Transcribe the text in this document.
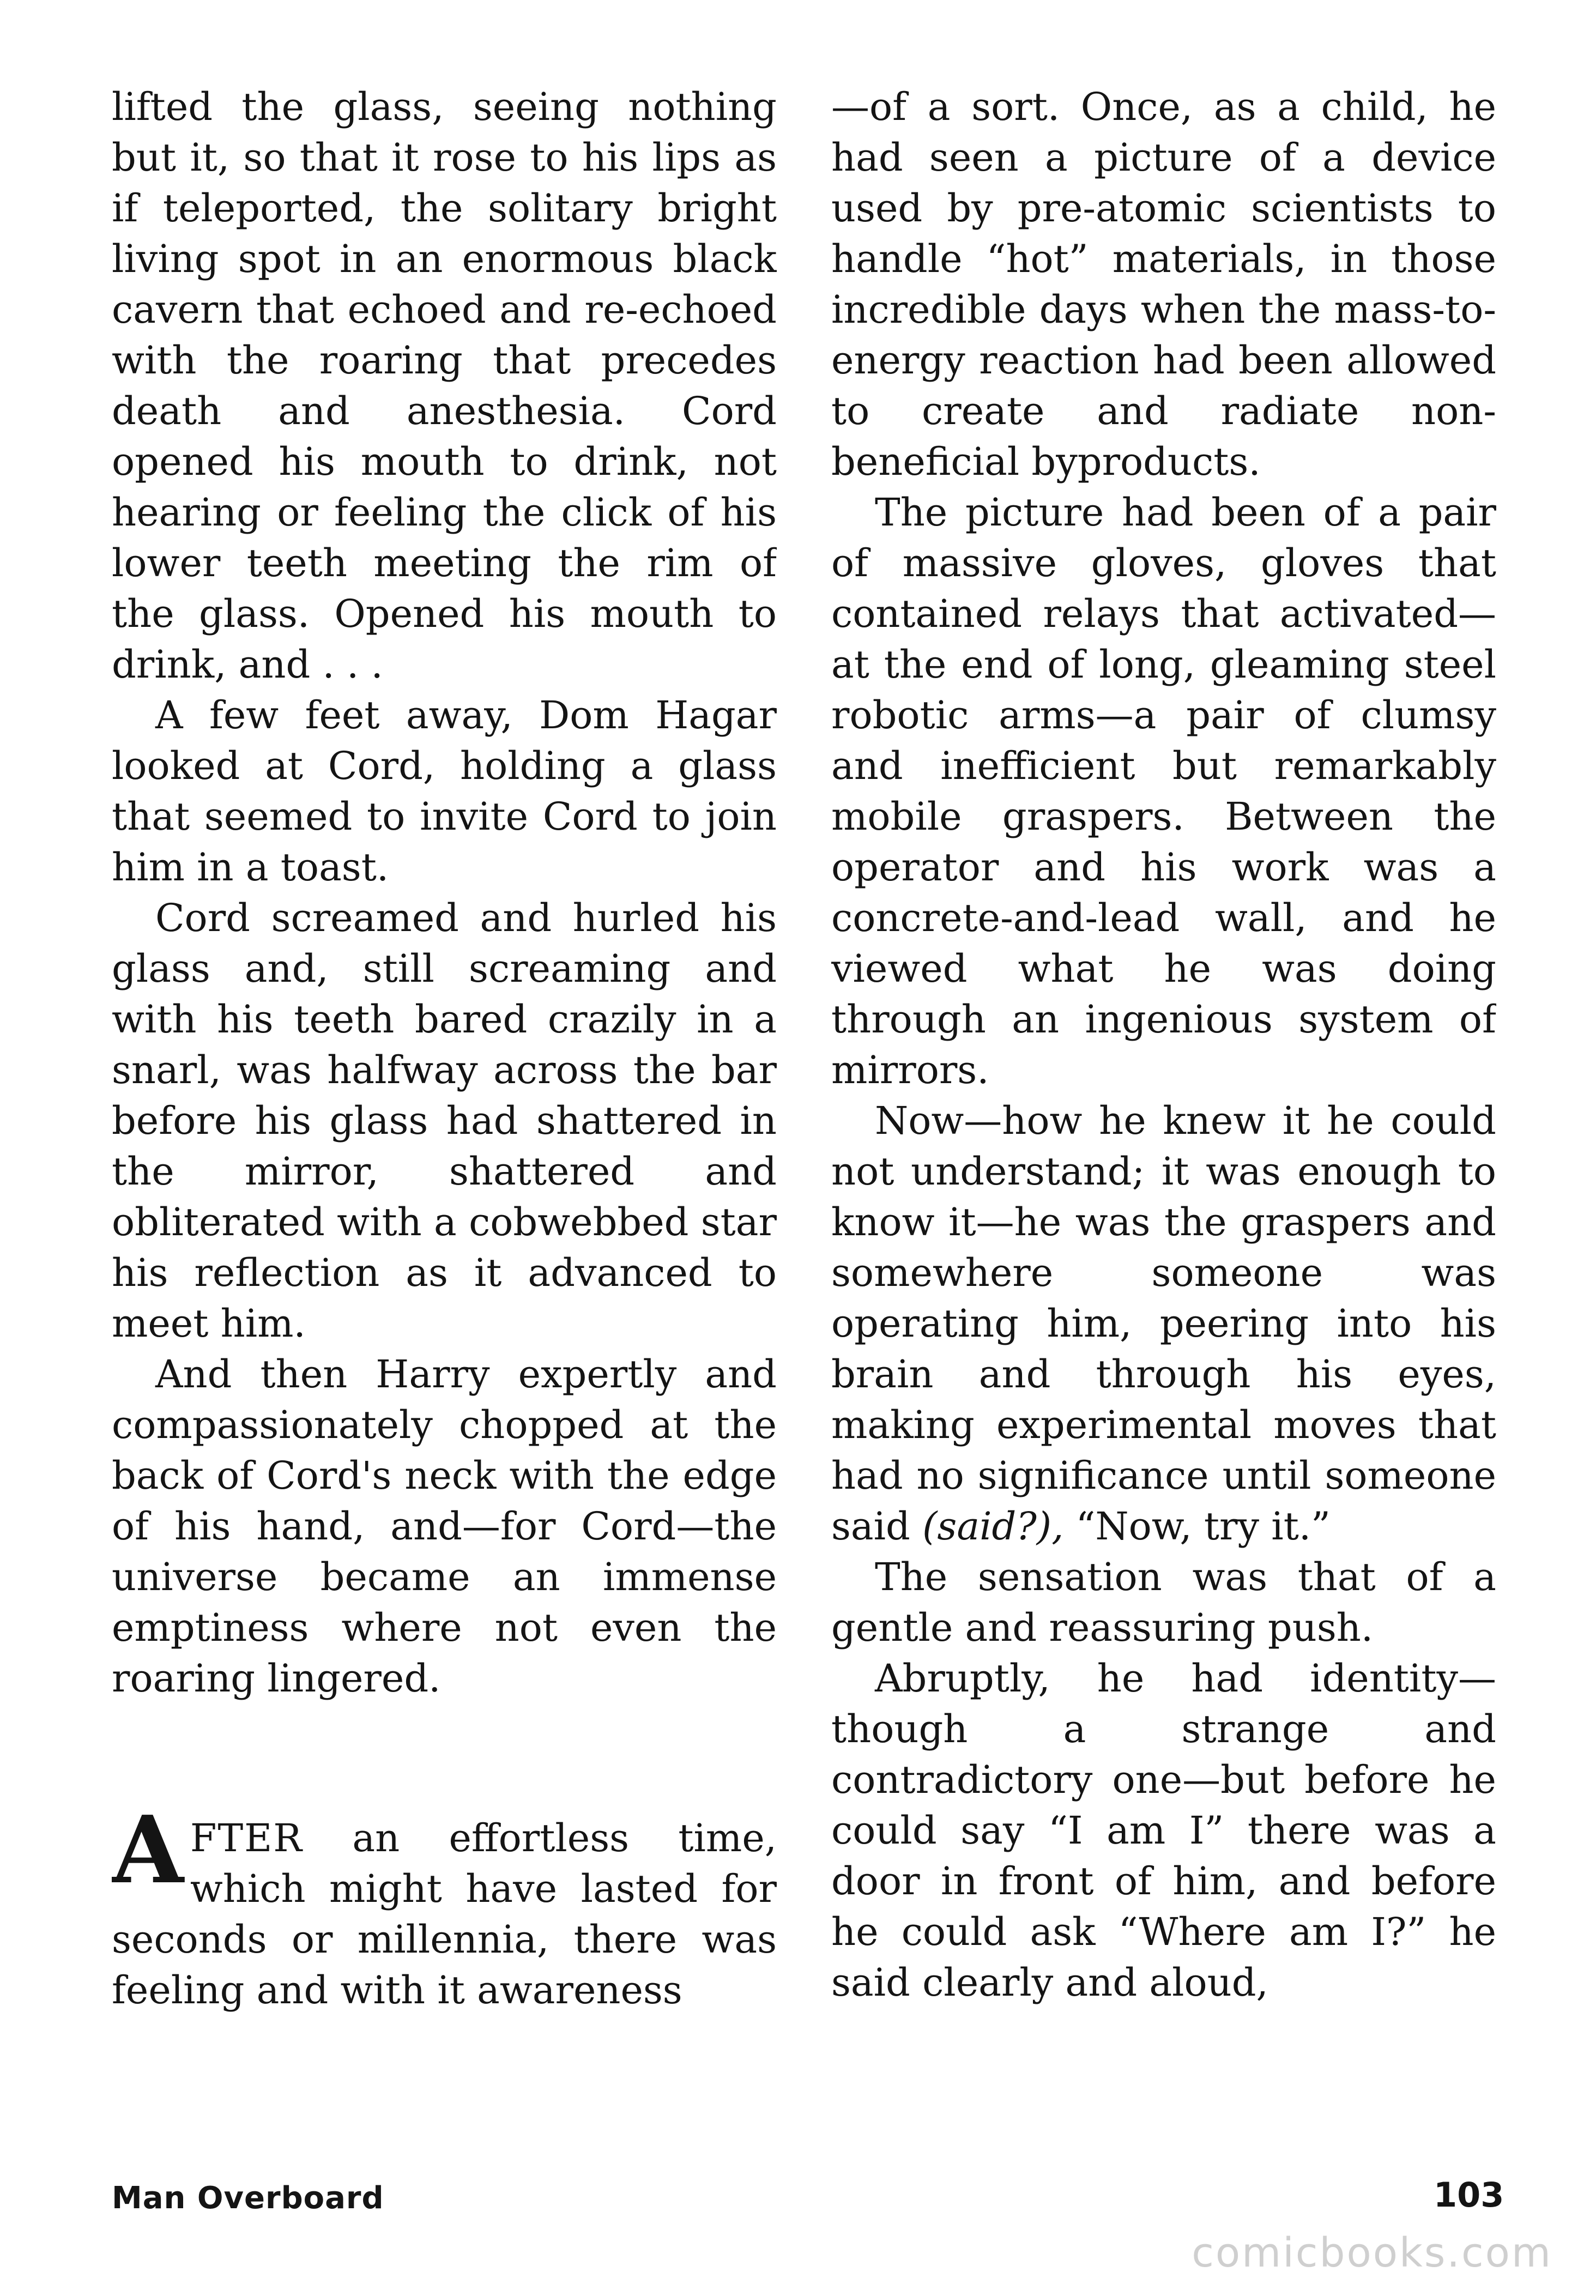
lifted the glass, seeing nothing but it, so that it rose to his lips as if teleported, the solitary bright living spot in an enormous black cavern that echoed and re-echoed with the roaring that precedes death and anesthesia. Cord opened his mouth to drink, not hearing or feeling the click of his lower teeth meeting the rim of the glass. Opened his mouth to drink, and . . .

A few feet away, Dom Hagar looked at Cord, holding a glass that seemed to invite Cord to join him in a toast.

Cord screamed and hurled his glass and, still screaming and with his teeth bared crazily in a snarl, was halfway across the bar before his glass had shattered in the mirror, shattered and obliterated with a cobwebbed star his reflection as it advanced to meet him.

And then Harry expertly and compassionately chopped at the back of Cord's neck with the edge of his hand, and—for Cord—the universe became an immense emptiness where not even the roaring lingered.

AFTER an effortless time, which might have lasted for seconds or millennia, there was feeling and with it awareness

—of a sort. Once, as a child, he had seen a picture of a device used by pre-atomic scientists to handle “hot” materials, in those incredible days when the mass-to-energy reaction had been allowed to create and radiate non-beneficial byproducts.

The picture had been of a pair of massive gloves, gloves that contained relays that activated—at the end of long, gleaming steel robotic arms—a pair of clumsy and inefficient but remarkably mobile graspers. Between the operator and his work was a concrete-and-lead wall, and he viewed what he was doing through an ingenious system of mirrors.

Now—how he knew it he could not understand; it was enough to know it—he was the graspers and somewhere someone was operating him, peering into his brain and through his eyes, making experimental moves that had no significance until someone said (said?), “Now, try it.”

The sensation was that of a gentle and reassuring push.

Abruptly, he had identity—though a strange and contradictory one—but before he could say “I am I” there was a door in front of him, and before he could ask “Where am I?” he said clearly and aloud,

Man Overboard	103
comicbooks.com
